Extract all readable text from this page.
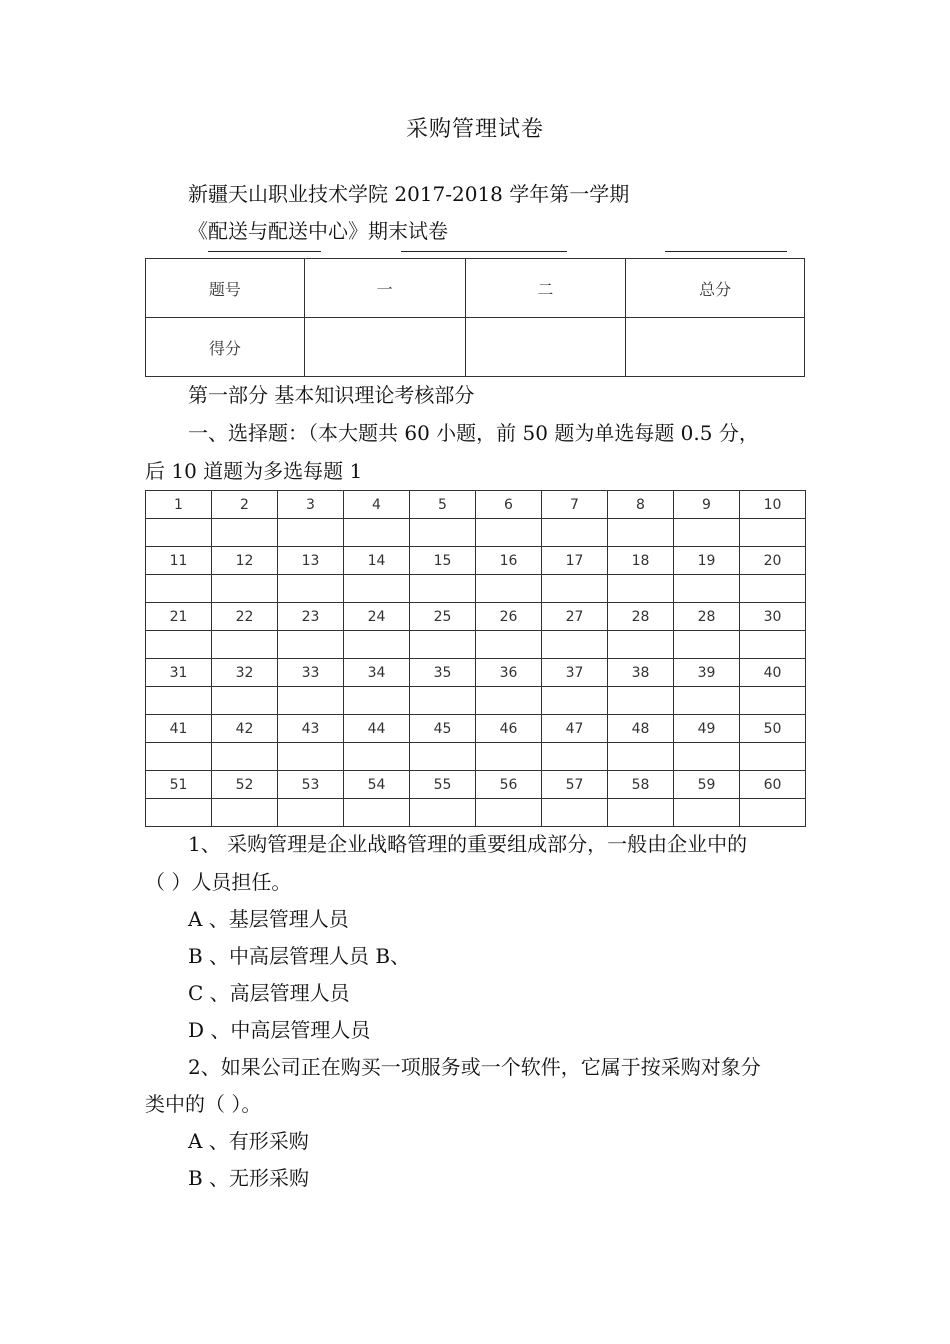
采购管理试卷
新疆天山职业技术学院 2017-2018 学年第一学期
《配送与配送中心》期末试卷
题号	一	二	总分
得分			
第一部分 基本知识理论考核部分
一、选择题：（本大题共 60 小题，前 50 题为单选每题 0.5 分，
后 10 道题为多选每题 1
1	2	3	4	5	6	7	8	9	10

11	12	13	14	15	16	17	18	19	20

21	22	23	24	25	26	27	28	28	30

31	32	33	34	35	36	37	38	39	40

41	42	43	44	45	46	47	48	49	50

51	52	53	54	55	56	57	58	59	60

1、 采购管理是企业战略管理的重要组成部分，一般由企业中的
（ ）人员担任。
A 、基层管理人员
B 、中高层管理人员 B、
C 、高层管理人员
D 、中高层管理人员
2、如果公司正在购买一项服务或一个软件，它属于按采购对象分
类中的（ ）。
A 、有形采购
B 、无形采购
